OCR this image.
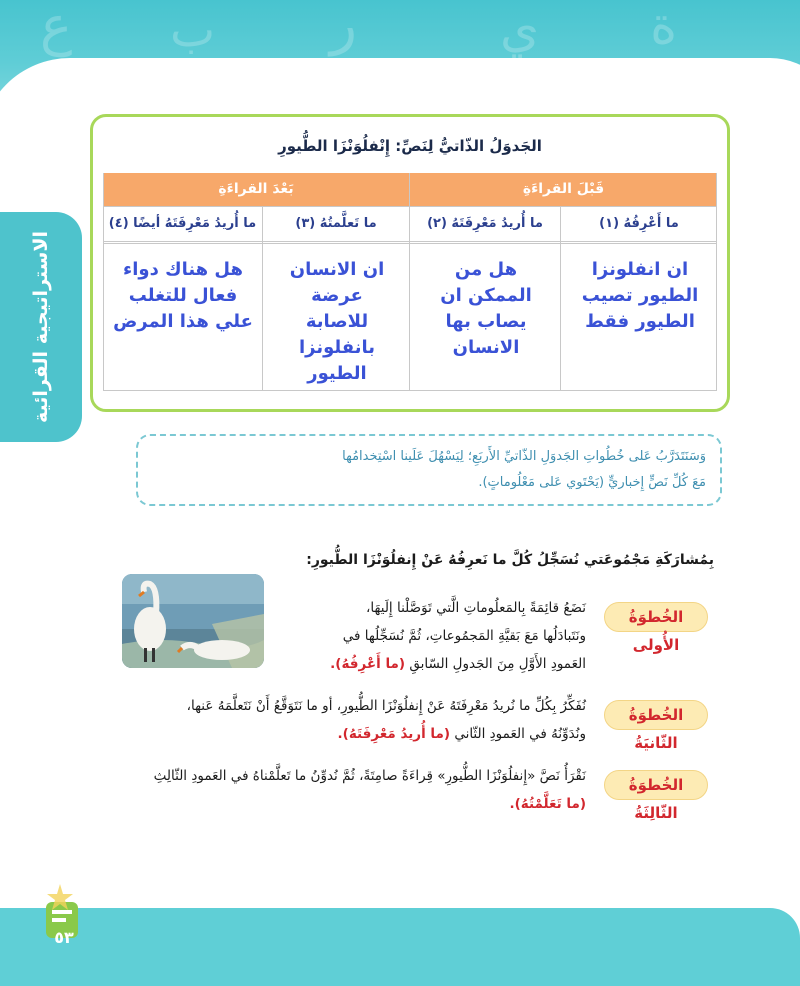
ع ب ر	ي ة
الاستراتيجية القرائية
الجَدوَلُ الذّاتيُّ لِنَصِّ: إِنْفلُوَنْزَا الطُّيورِ
قَبْلَ القراءَةِ
بَعْدَ القراءَةِ
(١) ما أَعْرِفُهُ
(٢) ما أُريدُ مَعْرِفَتَهُ
(٣) ما تَعلَّمتُهُ
(٤) ما أُريدُ مَعْرِفَتَهُ أيضًا
ان انفلونزا الطيور تصيب الطيور فقط
هل من الممكن ان يصاب بها الانسان
ان الانسان عرضة للاصابة بانفلونزا الطيور
هل هناك دواء فعال للتغلب علي هذا المرض
وَسَنَتَدَرَّبُ عَلى خُطُواتِ الجَدوَلِ الذّاتيِّ الأَربَعِ؛ لِيَسْهُلَ عَلَينا اسْتِخدامُها
مَعَ كُلِّ نَصٍّ إِخباريٍّ (يَحْتَوي عَلى مَعْلُوماتٍ).
بِمُشارَكَةِ مَجْمُوعَتي نُسَجِّلُ كُلَّ ما نَعرِفُهُ عَنْ إِنفلُوَنْزَا الطُّيورِ:
الخُطوَةُ الأُولى
نَضَعُ قائِمَةً بِالمَعلُوماتِ الَّتي تَوَصَّلْنا إِلَيهَا،
ونَتَبادَلُها مَعَ بَقيَّةِ المَجمُوعاتِ، ثُمَّ نُسَجِّلُها في
العَمودِ الأَوَّلِ مِنَ الجَدولِ السّابقِ (ما أَعْرِفُهُ).
الخُطوَةُ الثّانيَةُ
نُفَكِّرُ بِكُلِّ ما نُريدُ مَعْرِفَتَهُ عَنْ إِنفلُوَنْزَا الطُّيورِ، أو ما نَتَوَقَّعُ أَنْ نَتَعلَّمَهُ عَنها،
ونُدَوِّنُهُ في العَمودِ الثّاني (ما أُريدُ مَعْرِفَتَهُ).
الخُطوَةُ الثّالِثَةُ
نَقْرَأُ نَصَّ «إِنفلُوَنْزَا الطُّيورِ» قِراءَةً صامِتَةً، ثُمَّ نُدوِّنُ ما تَعلَّمْناهُ في العَمودِ الثّالِثِ
(ما تَعَلَّمْتُهُ).
٥٣
